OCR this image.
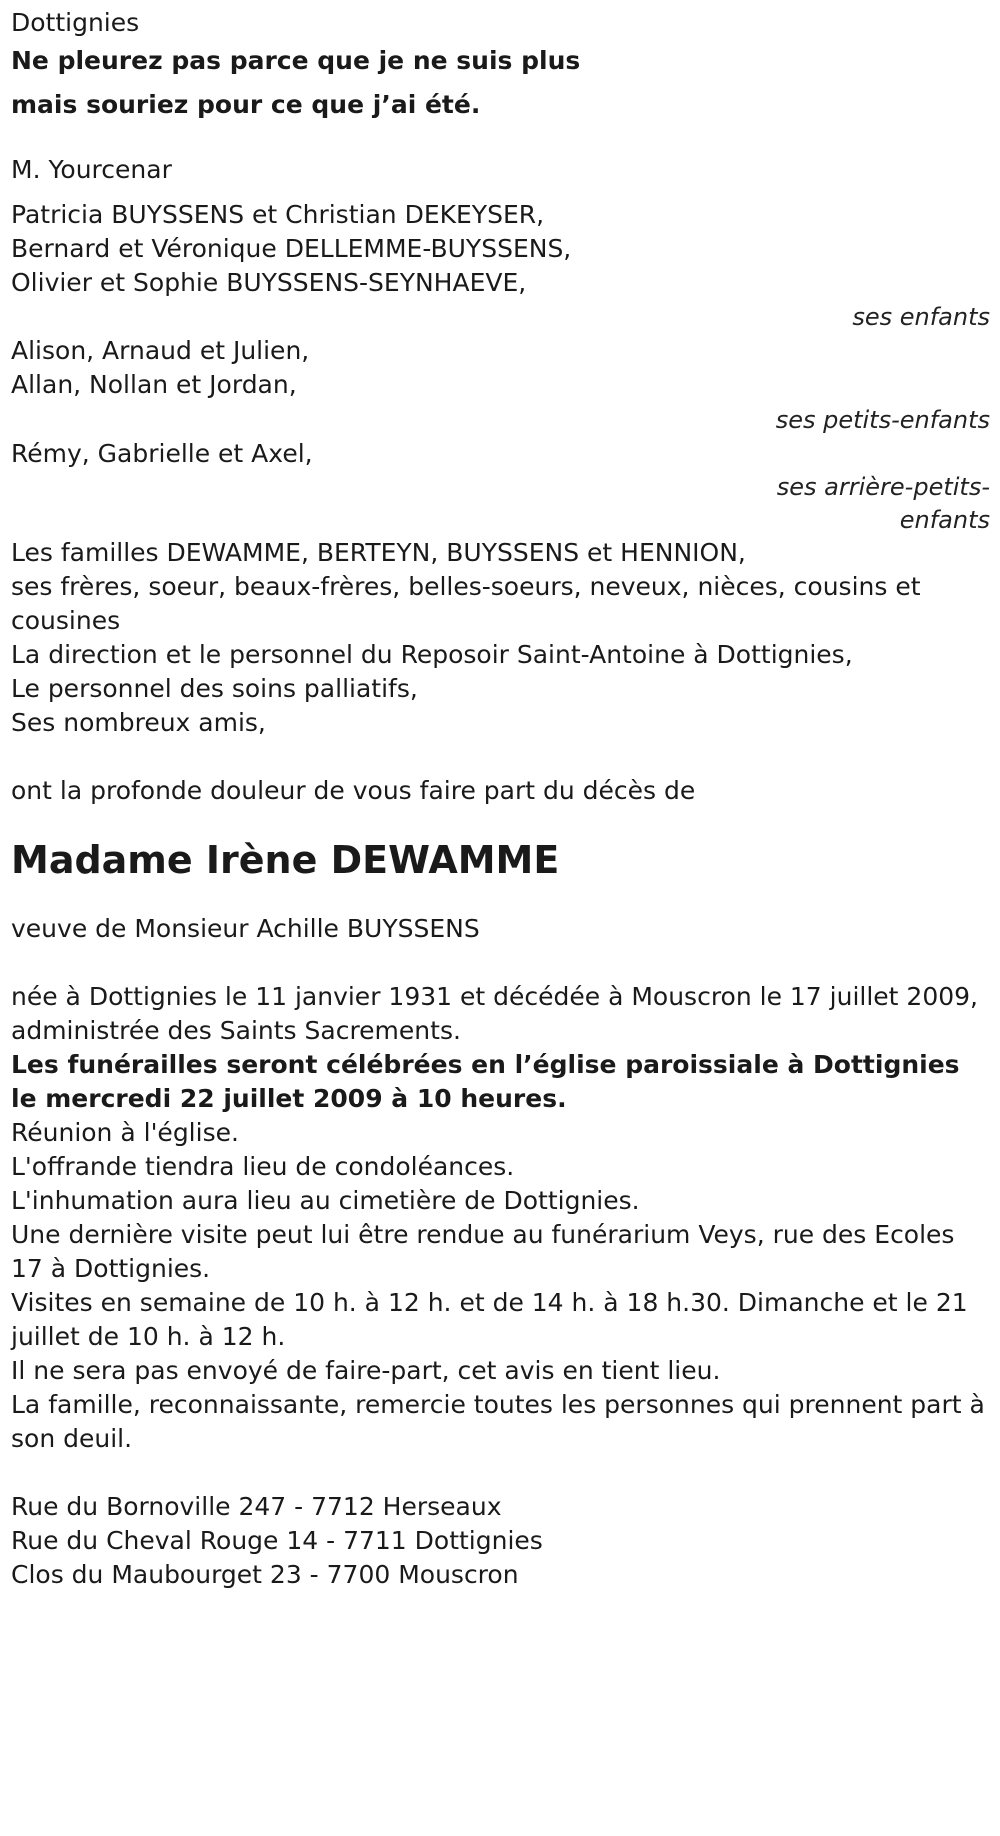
Dottignies
Ne pleurez pas parce que je ne suis plus
mais souriez pour ce que j’ai été.
M. Yourcenar
Patricia BUYSSENS et Christian DEKEYSER,
Bernard et Véronique DELLEMME-BUYSSENS,
Olivier et Sophie BUYSSENS-SEYNHAEVE,
ses enfants
Alison, Arnaud et Julien,
Allan, Nollan et Jordan,
ses petits-enfants
Rémy, Gabrielle et Axel,
ses arrière-petits-
enfants
Les familles DEWAMME, BERTEYN, BUYSSENS et HENNION,
ses frères, soeur, beaux-frères, belles-soeurs, neveux, nièces, cousins et cousines
La direction et le personnel du Reposoir Saint-Antoine à Dottignies,
Le personnel des soins palliatifs,
Ses nombreux amis,
ont la profonde douleur de vous faire part du décès de
Madame Irène DEWAMME
veuve de Monsieur Achille BUYSSENS
née à Dottignies le 11 janvier 1931 et décédée à Mouscron le 17 juillet 2009, administrée des Saints Sacrements.
Les funérailles seront célébrées en l’église paroissiale à Dottignies le mercredi 22 juillet 2009 à 10 heures.
Réunion à l'église.
L'offrande tiendra lieu de condoléances.
L'inhumation aura lieu au cimetière de Dottignies.
Une dernière visite peut lui être rendue au funérarium Veys, rue des Ecoles 17 à Dottignies.
Visites en semaine de 10 h. à 12 h. et de 14 h. à 18 h.30. Dimanche et le 21 juillet de 10 h. à 12 h.
Il ne sera pas envoyé de faire-part, cet avis en tient lieu.
La famille, reconnaissante, remercie toutes les personnes qui prennent part à son deuil.
Rue du Bornoville 247 - 7712 Herseaux
Rue du Cheval Rouge 14 - 7711 Dottignies
Clos du Maubourget 23 - 7700 Mouscron
